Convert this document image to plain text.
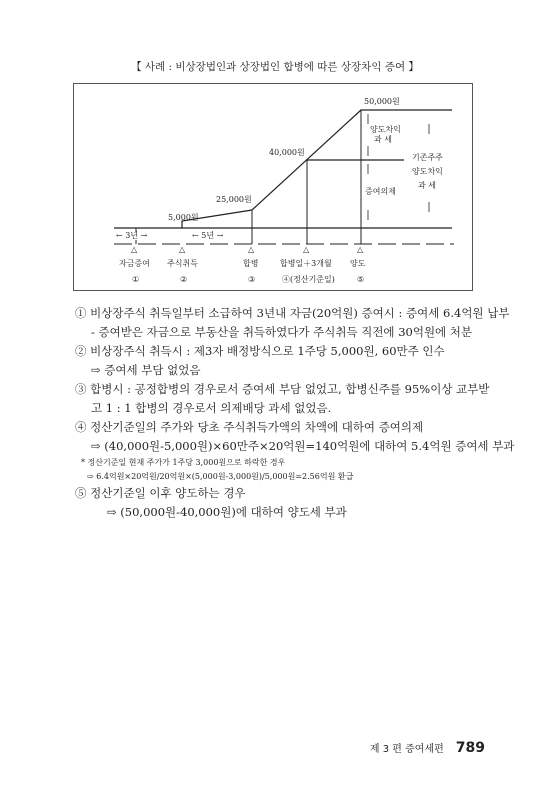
【 사례 : 비상장법인과 상장법인 합병에 따른 상장차익 증여 】
5,000원
25,000원
40,000원
50,000원
양도차익
과 세
증여의제
기존주주
양도차익
과 세
← 3년 →	← 5년 →
△	△	△	△	△
자금증여 주식취득	합병	합병일＋3개월 양도
①	②	③	④(정산기준일)	⑤

① 비상장주식 취득일부터 소급하여 3년내 자금(20억원) 증여시 : 증여세 6.4억원 납부

- 증여받은 자금으로 부동산을 취득하였다가 주식취득 직전에 30억원에 처분

② 비상장주식 취득시 : 제3자 배정방식으로 1주당 5,000원, 60만주 인수

⇨ 증여세 부담 없었음

③ 합병시 : 공정합병의 경우로서 증여세 부담 없었고, 합병신주를 95%이상 교부받

고 1 : 1 합병의 경우로서 의제배당 과세 없었음.

④ 정산기준일의 주가와 당초 주식취득가액의 차액에 대하여 증여의제

⇨ (40,000원-5,000원)×60만주×20억원=140억원에 대하여 5.4억원 증여세 부과

* 정산기준일 현재 주가가 1주당 3,000원으로 하락한 경우

⇨ 6.4억원×20억원/20억원×(5,000원-3,000원)/5,000원=2.56억원 환급

⑤ 정산기준일 이후 양도하는 경우

⇨ (50,000원-40,000원)에 대하여 양도세 부과

제 3 편 증여세편 789
